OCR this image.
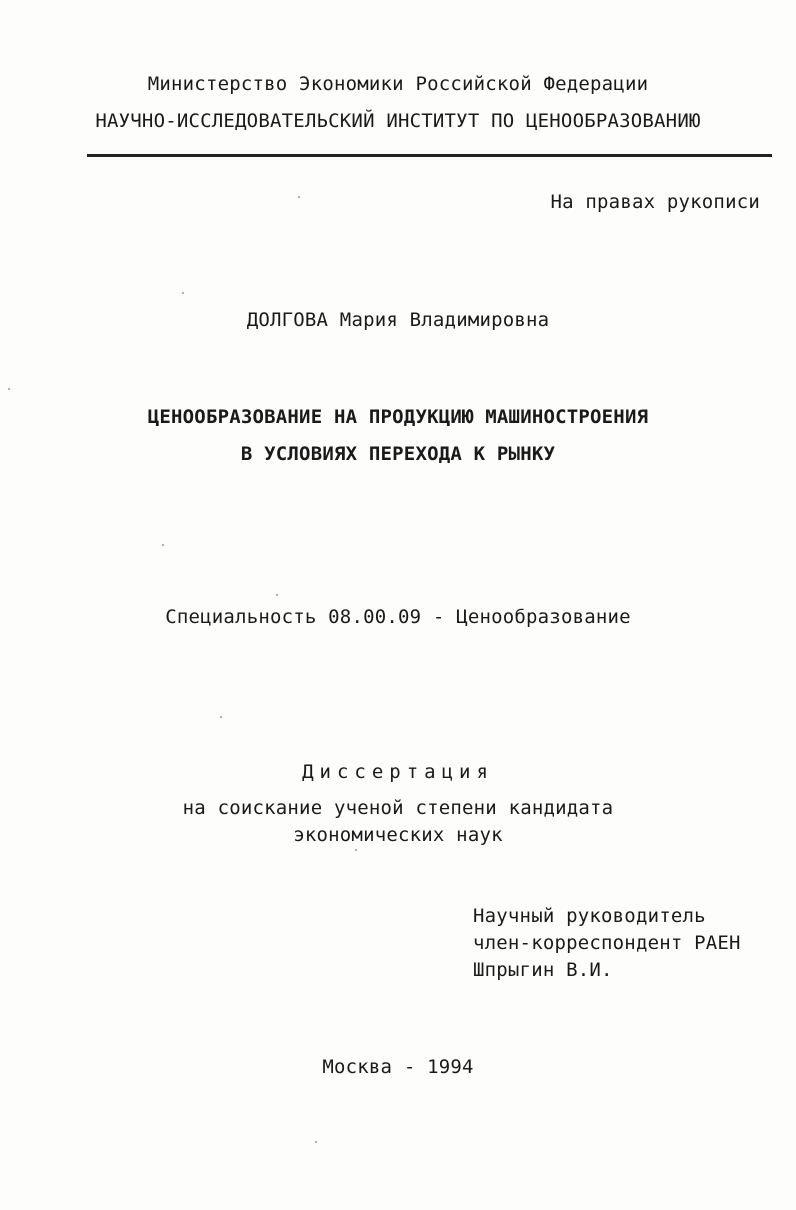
Министерство Экономики Российской Федерации
НАУЧНО-ИССЛЕДОВАТЕЛЬСКИЙ ИНСТИТУТ ПО ЦЕНООБРАЗОВАНИЮ
На правах рукописи
ДОЛГОВА Мария Владимировна
ЦЕНООБРАЗОВАНИЕ НА ПРОДУКЦИЮ МАШИНОСТРОЕНИЯ
В УСЛОВИЯХ ПЕРЕХОДА К РЫНКУ
Специальность 08.00.09 - Ценообразование
Диссертация
на соискание ученой степени кандидата
экономических наук
Научный руководитель
член-корреспондент РАЕН
Шпрыгин В.И.
Москва - 1994
